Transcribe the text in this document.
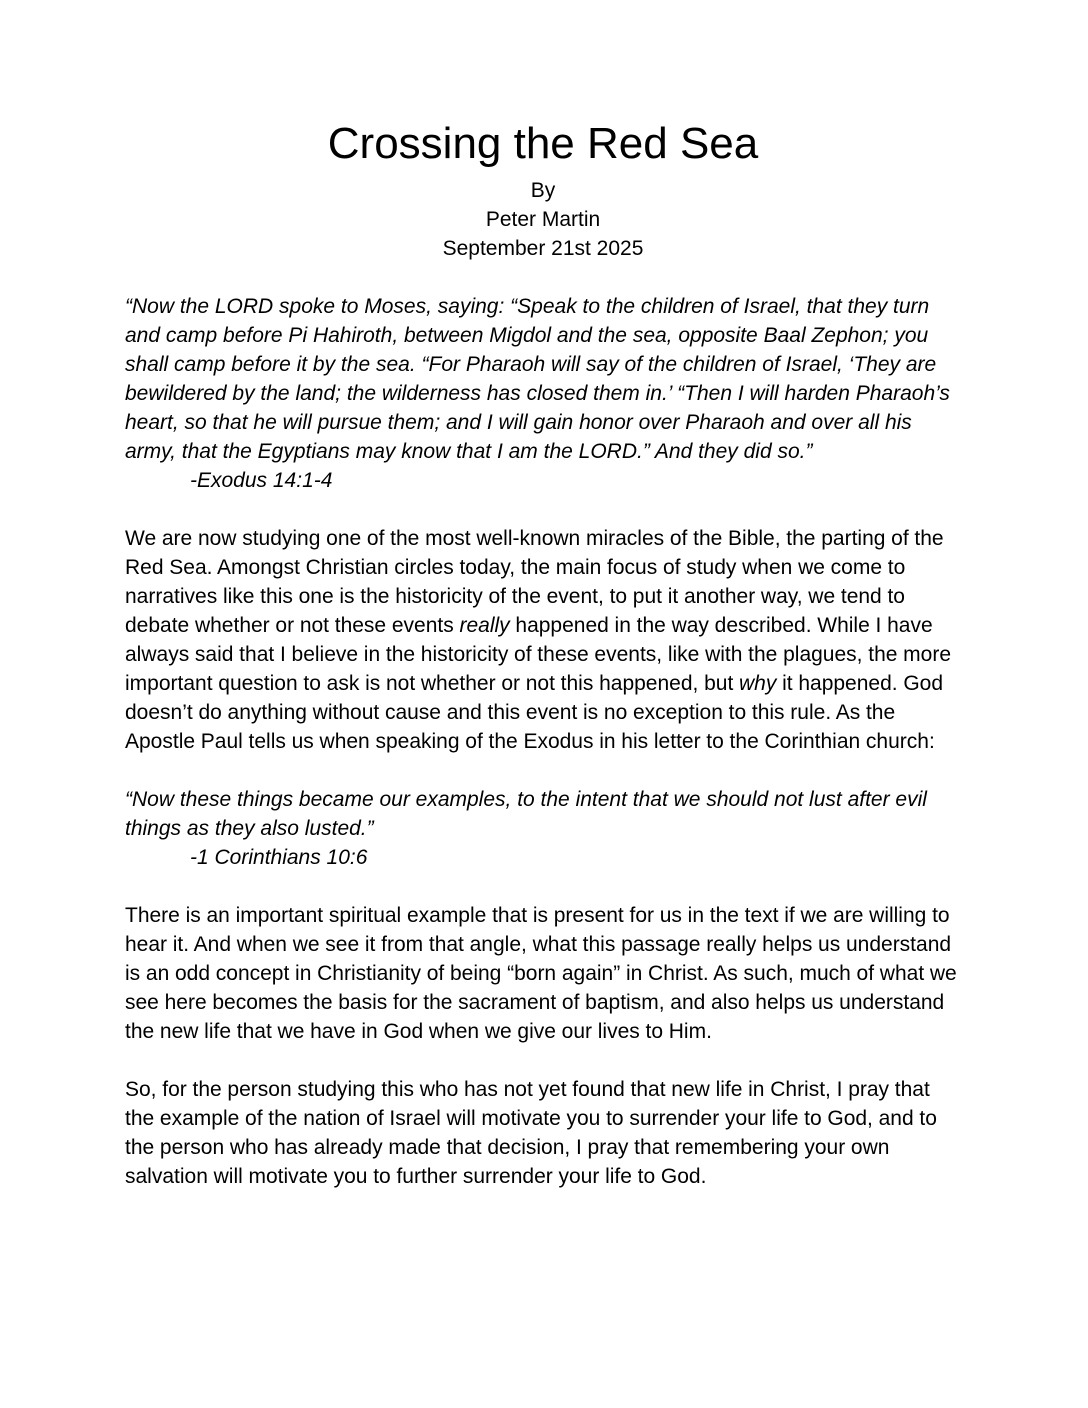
Crossing the Red Sea

By

Peter Martin

September 21st 2025

“Now the LORD spoke to Moses, saying: “Speak to the children of Israel, that they turn and camp before Pi Hahiroth, between Migdol and the sea, opposite Baal Zephon; you shall camp before it by the sea. “For Pharaoh will say of the children of Israel, ‘They are bewildered by the land; the wilderness has closed them in.’ “Then I will harden Pharaoh’s heart, so that he will pursue them; and I will gain honor over Pharaoh and over all his army, that the Egyptians may know that I am the LORD.” And they did so.”

-Exodus 14:1-4

We are now studying one of the most well-known miracles of the Bible, the parting of the Red Sea. Amongst Christian circles today, the main focus of study when we come to narratives like this one is the historicity of the event, to put it another way, we tend to debate whether or not these events really happened in the way described. While I have always said that I believe in the historicity of these events, like with the plagues, the more important question to ask is not whether or not this happened, but why it happened. God doesn’t do anything without cause and this event is no exception to this rule. As the Apostle Paul tells us when speaking of the Exodus in his letter to the Corinthian church:

“Now these things became our examples, to the intent that we should not lust after evil things as they also lusted.”

-1 Corinthians 10:6

There is an important spiritual example that is present for us in the text if we are willing to hear it. And when we see it from that angle, what this passage really helps us understand is an odd concept in Christianity of being “born again” in Christ. As such, much of what we see here becomes the basis for the sacrament of baptism, and also helps us understand the new life that we have in God when we give our lives to Him.

So, for the person studying this who has not yet found that new life in Christ, I pray that the example of the nation of Israel will motivate you to surrender your life to God, and to the person who has already made that decision, I pray that remembering your own salvation will motivate you to further surrender your life to God.
